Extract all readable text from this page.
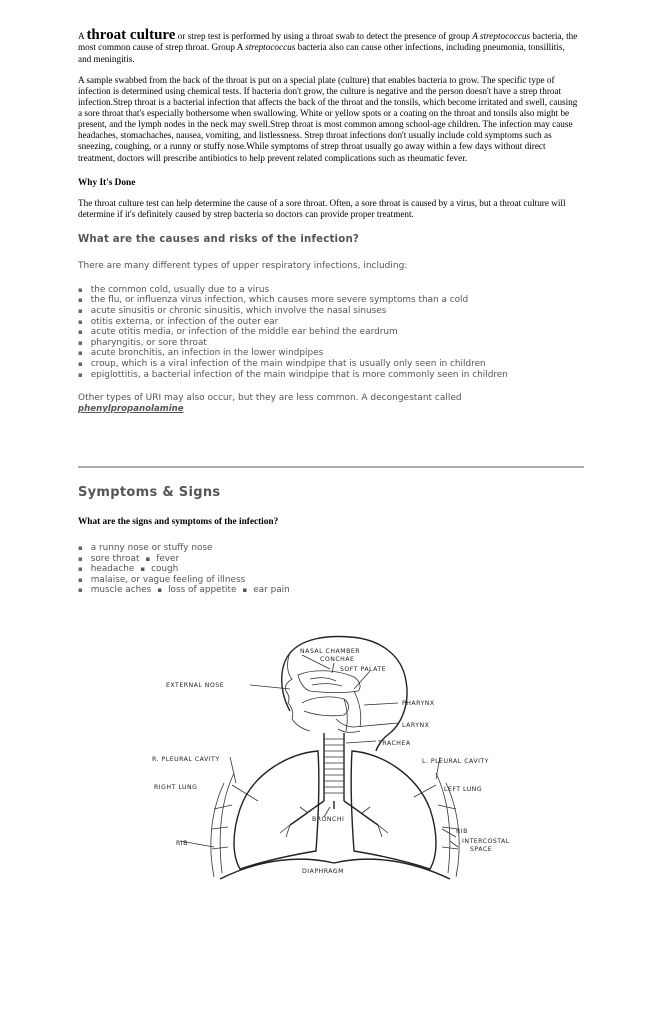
A throat culture or strep test is performed by using a throat swab to detect the presence of group A streptococcus bacteria, the most common cause of strep throat. Group A streptococcus bacteria also can cause other infections, including pneumonia, tonsillitis, and meningitis.

A sample swabbed from the back of the throat is put on a special plate (culture) that enables bacteria to grow. The specific type of infection is determined using chemical tests. If bacteria don't grow, the culture is negative and the person doesn't have a strep throat infection.Strep throat is a bacterial infection that affects the back of the throat and the tonsils, which become irritated and swell, causing a sore throat that's especially bothersome when swallowing. White or yellow spots or a coating on the throat and tonsils also might be present, and the lymph nodes in the neck may swell.Strep throat is most common among school-age children. The infection may cause headaches, stomachaches, nausea, vomiting, and listlessness. Strep throat infections don't usually include cold symptoms such as sneezing, coughing, or a runny or stuffy nose.While symptoms of strep throat usually go away within a few days without direct treatment, doctors will prescribe antibiotics to help prevent related complications such as rheumatic fever.

Why It's Done

The throat culture test can help determine the cause of a sore throat. Often, a sore throat is caused by a virus, but a throat culture will determine if it's definitely caused by strep bacteria so doctors can provide proper treatment.

What are the causes and risks of the infection?
There are many different types of upper respiratory infections, including:
▪ the common cold, usually due to a virus
▪ the flu, or influenza virus infection, which causes more severe symptoms than a cold
▪ acute sinusitis or chronic sinusitis, which involve the nasal sinuses
▪ otitis externa, or infection of the outer ear
▪ acute otitis media, or infection of the middle ear behind the eardrum
▪ pharyngitis, or sore throat
▪ acute bronchitis, an infection in the lower windpipes
▪ croup, which is a viral infection of the main windpipe that is usually only seen in children
▪ epiglottitis, a bacterial infection of the main windpipe that is more commonly seen in children

Other types of URI may also occur, but they are less common. A decongestant called
phenylpropanolamine

Symptoms & Signs
What are the signs and symptoms of the infection?
▪ a runny nose or stuffy nose
▪ sore throat ▪ fever
▪ headache ▪ cough
▪ malaise, or vague feeling of illness
▪ muscle aches ▪ loss of appetite ▪ ear pain
NASAL CHAMBER
CONCHAE
SOFT PALATE
EXTERNAL NOSE
PHARYNX
LARYNX
TRACHEA
R. PLEURAL CAVITY	L. PLEURAL CAVITY
RIGHT LUNG	LEFT LUNG
BRONCHI
RIB
INTERCOSTAL
SPACE
RIB
DIAPHRAGM
